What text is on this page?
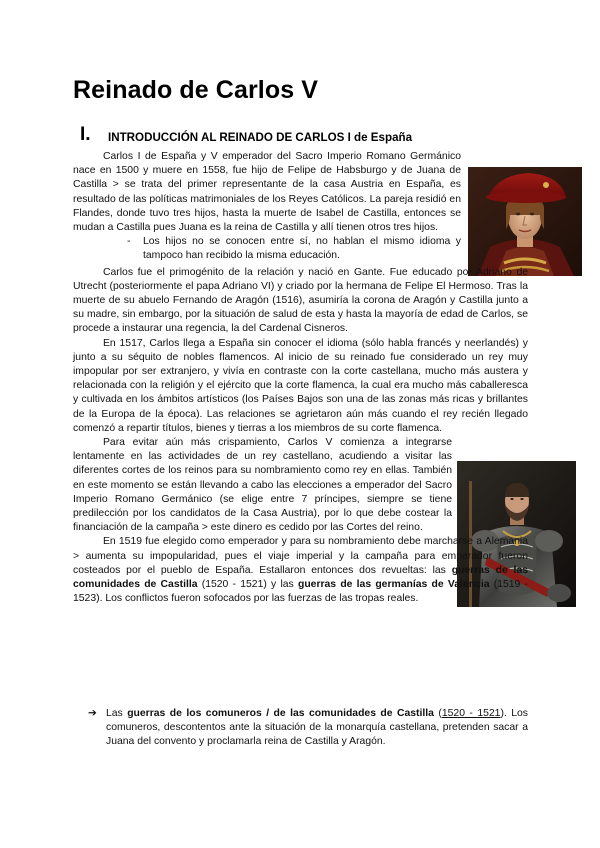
Reinado de Carlos V
I. INTRODUCCIÓN AL REINADO DE CARLOS I de España

Carlos I de España y V emperador del Sacro Imperio Romano Germánico nace en 1500 y muere en 1558, fue hijo de Felipe de Habsburgo y de Juana de Castilla > se trata del primer representante de la casa Austria en España, es resultado de las políticas matrimoniales de los Reyes Católicos. La pareja residió en Flandes, donde tuvo tres hijos, hasta la muerte de Isabel de Castilla, entonces se mudan a Castilla pues Juana es la reina de Castilla y allí tienen otros tres hijos.

- Los hijos no se conocen entre sí, no hablan el mismo idioma y tampoco han recibido la misma educación.

Carlos fue el primogénito de la relación y nació en Gante. Fue educado por Adriano de Utrecht (posteriormente el papa Adriano VI) y criado por la hermana de Felipe El Hermoso. Tras la muerte de su abuelo Fernando de Aragón (1516), asumiría la corona de Aragón y Castilla junto a su madre, sin embargo, por la situación de salud de esta y hasta la mayoría de edad de Carlos, se procede a instaurar una regencia, la del Cardenal Cisneros.

En 1517, Carlos llega a España sin conocer el idioma (sólo habla francés y neerlandés) y junto a su séquito de nobles flamencos. Al inicio de su reinado fue considerado un rey muy impopular por ser extranjero, y vivía en contraste con la corte castellana, mucho más austera y relacionada con la religión y el ejército que la corte flamenca, la cual era mucho más caballeresca y cultivada en los ámbitos artísticos (los Países Bajos son una de las zonas más ricas y brillantes de la Europa de la época). Las relaciones se agrietaron aún más cuando el rey recién llegado comenzó a repartir títulos, bienes y tierras a los miembros de su corte flamenca.

Para evitar aún más crispamiento, Carlos V comienza a integrarse lentamente en las actividades de un rey castellano, acudiendo a visitar las diferentes cortes de los reinos para su nombramiento como rey en ellas. También en este momento se están llevando a cabo las elecciones a emperador del Sacro Imperio Romano Germánico (se elige entre 7 príncipes, siempre se tiene predilección por los candidatos de la Casa Austria), por lo que debe costear la financiación de la campaña > este dinero es cedido por las Cortes del reino.

En 1519 fue elegido como emperador y para su nombramiento debe marcharse a Alemania > aumenta su impopularidad, pues el viaje imperial y la campaña para emperador fueron costeados por el pueblo de España. Estallaron entonces dos revueltas: las guerras de las comunidades de Castilla (1520 - 1521) y las guerras de las germanías de Valencia (1519 - 1523). Los conflictos fueron sofocados por las fuerzas de las tropas reales.

➔ Las guerras de los comuneros / de las comunidades de Castilla (1520 - 1521). Los comuneros, descontentos ante la situación de la monarquía castellana, pretenden sacar a Juana del convento y proclamarla reina de Castilla y Aragón.
